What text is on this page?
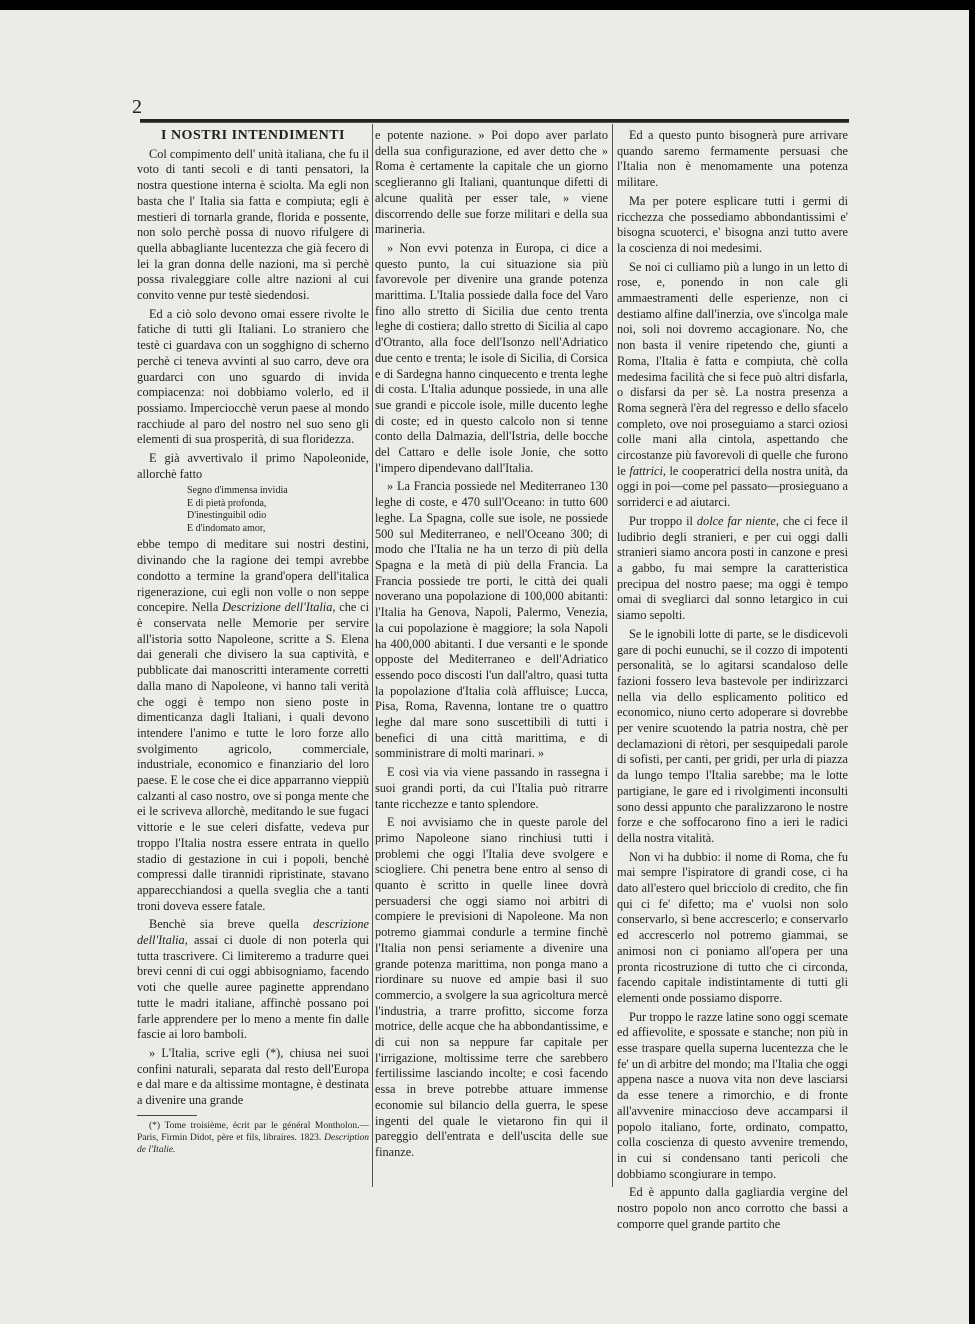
2

I NOSTRI INTENDIMENTI

Col compimento dell' unità italiana, che fu il voto di tanti secoli e di tanti pensatori, la nostra questione interna è sciolta. Ma egli non basta che l' Italia sia fatta e compiuta; egli è mestieri di tornarla grande, florida e possente, non solo perchè possa di nuovo rifulgere di quella abbagliante lucentezza che già fecero di lei la gran donna delle nazioni, ma sì perchè possa rivaleggiare colle altre nazioni al cui convito venne pur testè siedendosi.

Ed a ciò solo devono omai essere rivolte le fatiche di tutti gli Italiani. Lo straniero che testè ci guardava con un sogghigno di scherno perchè ci teneva avvinti al suo carro, deve ora guardarci con uno sguardo di invida compiacenza: noi dobbiamo volerlo, ed il possiamo. Imperciocchè verun paese al mondo racchiude al paro del nostro nel suo seno gli elementi di sua prosperità, di sua floridezza.

E già avvertivalo il primo Napoleonide, allorchè fatto

Segno d'immensa invidia
E di pietà profonda,
D'inestinguibil odio
E d'indomato amor,

ebbe tempo di meditare sui nostri destini, divinando che la ragione dei tempi avrebbe condotto a termine la grand'opera dell'italica rigenerazione, cui egli non volle o non seppe concepire. Nella Descrizione dell'Italia, che ci è conservata nelle Memorie per servire all'istoria sotto Napoleone, scritte a S. Elena dai generali che divisero la sua captività, e pubblicate dai manoscritti interamente corretti dalla mano di Napoleone, vi hanno tali verità che oggi è tempo non sieno poste in dimenticanza dagli Italiani, i quali devono intendere l'animo e tutte le loro forze allo svolgimento agricolo, commerciale, industriale, economico e finanziario del loro paese. E le cose che ei dice apparranno vieppiù calzanti al caso nostro, ove si ponga mente che ei le scriveva allorchè, meditando le sue fugaci vittorie e le sue celeri disfatte, vedeva pur troppo l'Italia nostra essere entrata in quello stadio di gestazione in cui i popoli, benchè compressi dalle tirannidi ripristinate, stavano apparecchiandosi a quella sveglia che a tanti troni doveva essere fatale.

Benchè sia breve quella descrizione dell'Italia, assai ci duole di non poterla qui tutta trascrivere. Ci limiteremo a tradurre quei brevi cenni di cui oggi abbisogniamo, facendo voti che quelle auree paginette apprendano tutte le madri italiane, affinchè possano poi farle apprendere per lo meno a mente fin dalle fascie ai loro bamboli.

» L'Italia, scrive egli (*), chiusa nei suoi confini naturali, separata dal resto dell'Europa e dal mare e da altissime montagne, è destinata a divenire una grande

(*) Tome troisième, écrit par le général Montholon.—Paris, Firmin Didot, père et fils, libraires. 1823. Description de l'Italie.

e potente nazione. » Poi dopo aver parlato della sua configurazione, ed aver detto che » Roma è certamente la capitale che un giorno sceglieranno gli Italiani, quantunque difetti di alcune qualità per esser tale, » viene discorrendo delle sue forze militari e della sua marineria.

» Non evvi potenza in Europa, ci dice a questo punto, la cui situazione sia più favorevole per divenire una grande potenza marittima. L'Italia possiede dalla foce del Varo fino allo stretto di Sicilia due cento trenta leghe di costiera; dallo stretto di Sicilia al capo d'Otranto, alla foce dell'Isonzo nell'Adriatico due cento e trenta; le isole di Sicilia, di Corsica e di Sardegna hanno cinquecento e trenta leghe di costa. L'Italia adunque possiede, in una alle sue grandi e piccole isole, mille ducento leghe di coste; ed in questo calcolo non si tenne conto della Dalmazia, dell'Istria, delle bocche del Cattaro e delle isole Jonie, che sotto l'impero dipendevano dall'Italia.

» La Francia possiede nel Mediterraneo 130 leghe di coste, e 470 sull'Oceano: in tutto 600 leghe. La Spagna, colle sue isole, ne possiede 500 sul Mediterraneo, e nell'Oceano 300; di modo che l'Italia ne ha un terzo di più della Spagna e la metà di più della Francia. La Francia possiede tre porti, le città dei quali noverano una popolazione di 100,000 abitanti: l'Italia ha Genova, Napoli, Palermo, Venezia, la cui popolazione è maggiore; la sola Napoli ha 400,000 abitanti. I due versanti e le sponde opposte del Mediterraneo e dell'Adriatico essendo poco discosti l'un dall'altro, quasi tutta la popolazione d'Italia colà affluisce; Lucca, Pisa, Roma, Ravenna, lontane tre o quattro leghe dal mare sono suscettibili di tutti i benefici di una città marittima, e di somministrare di molti marinari. »

E così via via viene passando in rassegna i suoi grandi porti, da cui l'Italia può ritrarre tante ricchezze e tanto splendore.

E noi avvisiamo che in queste parole del primo Napoleone siano rinchiusi tutti i problemi che oggi l'Italia deve svolgere e sciogliere. Chi penetra bene entro al senso di quanto è scritto in quelle linee dovrà persuadersi che oggi siamo noi arbitri di compiere le previsioni di Napoleone. Ma non potremo giammai condurle a termine finchè l'Italia non pensi seriamente a divenire una grande potenza marittima, non ponga mano a riordinare su nuove ed ampie basi il suo commercio, a svolgere la sua agricoltura mercè l'industria, a trarre profitto, siccome forza motrice, delle acque che ha abbondantissime, e di cui non sa neppure far capitale per l'irrigazione, moltissime terre che sarebbero fertilissime lasciando incolte; e così facendo essa in breve potrebbe attuare immense economie sul bilancio della guerra, le spese ingenti del quale le vietarono fin qui il pareggio dell'entrata e dell'uscita delle sue finanze.

Ed a questo punto bisognerà pure arrivare quando saremo fermamente persuasi che l'Italia non è menomamente una potenza militare.

Ma per potere esplicare tutti i germi di ricchezza che possediamo abbondantissimi e' bisogna scuoterci, e' bisogna anzi tutto avere la coscienza di noi medesimi.

Se noi ci culliamo più a lungo in un letto di rose, e, ponendo in non cale gli ammaestramenti delle esperienze, non ci destiamo alfine dall'inerzia, ove s'incolga male noi, soli noi dovremo accagionare. No, che non basta il venire ripetendo che, giunti a Roma, l'Italia è fatta e compiuta, chè colla medesima facilità che si fece può altri disfarla, o disfarsi da per sè. La nostra presenza a Roma segnerà l'èra del regresso e dello sfacelo completo, ove noi proseguiamo a starci oziosi colle mani alla cintola, aspettando che circostanze più favorevoli di quelle che furono le fattrici, le cooperatrici della nostra unità, da oggi in poi—come pel passato—prosieguano a sorriderci e ad aiutarci.

Pur troppo il dolce far niente, che ci fece il ludibrio degli stranieri, e per cui oggi dalli stranieri siamo ancora posti in canzone e presi a gabbo, fu mai sempre la caratteristica precipua del nostro paese; ma oggi è tempo omai di svegliarci dal sonno letargico in cui siamo sepolti.

Se le ignobili lotte di parte, se le disdicevoli gare di pochi eunuchi, se il cozzo di impotenti personalità, se lo agitarsi scandaloso delle fazioni fossero leva bastevole per indirizzarci nella via dello esplicamento politico ed economico, niuno certo adoperare si dovrebbe per venire scuotendo la patria nostra, chè per declamazioni di rètori, per sesquipedali parole di sofisti, per canti, per gridi, per urla di piazza da lungo tempo l'Italia sarebbe; ma le lotte partigiane, le gare ed i rivolgimenti inconsulti sono dessi appunto che paralizzarono le nostre forze e che soffocarono fino a ieri le radici della nostra vitalità.

Non vi ha dubbio: il nome di Roma, che fu mai sempre l'ispiratore di grandi cose, ci ha dato all'estero quel bricciolo di credito, che fin qui ci fe' difetto; ma e' vuolsi non solo conservarlo, sì bene accrescerlo; e conservarlo ed accrescerlo nol potremo giammai, se animosi non ci poniamo all'opera per una pronta ricostruzione di tutto che ci circonda, facendo capitale indistintamente di tutti gli elementi onde possiamo disporre.

Pur troppo le razze latine sono oggi scemate ed affievolite, e spossate e stanche; non più in esse traspare quella superna lucentezza che le fe' un dì arbitre del mondo; ma l'Italia che oggi appena nasce a nuova vita non deve lasciarsi da esse tenere a rimorchio, e di fronte all'avvenire minaccioso deve accamparsi il popolo italiano, forte, ordinato, compatto, colla coscienza di questo avvenire tremendo, in cui si condensano tanti pericoli che dobbiamo scongiurare in tempo.

Ed è appunto dalla gagliardia vergine del nostro popolo non anco corrotto che bassi a comporre quel grande partito che
